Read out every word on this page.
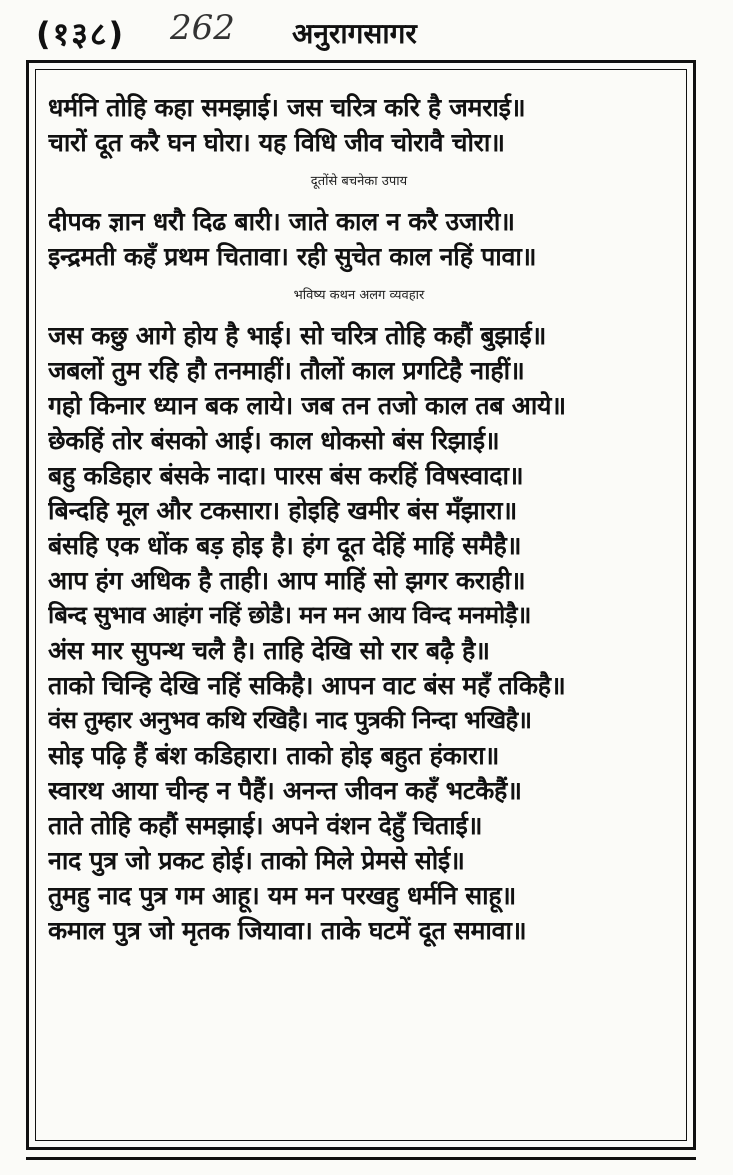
(१३८) 262 अनुरागसागर
धर्मनि तोहि कहा समझाई। जस चरित्र करि है जमराई॥
चारों दूत करै घन घोरा। यह विधि जीव चोरावै चोरा॥
दूतोंसे बचनेका उपाय
दीपक ज्ञान धरौ दिढ बारी। जाते काल न करै उजारी॥
इन्द्रमती कहँ प्रथम चितावा। रही सुचेत काल नहिं पावा॥
भविष्य कथन अलग व्यवहार
जस कछु आगे होय है भाई। सो चरित्र तोहि कहौं बुझाई॥
जबलों तुम रहि हौ तनमाहीं। तौलों काल प्रगटिहै नाहीं॥
गहो किनार ध्यान बक लाये। जब तन तजो काल तब आये॥
छेकहिं तोर बंसको आई। काल धोकसो बंस रिझाई॥
बहु कडिहार बंसके नादा। पारस बंस करहिं विषस्वादा॥
बिन्दहि मूल और टकसारा। होइहि खमीर बंस मँझारा॥
बंसहि एक धोंक बड़ होइ है। हंग दूत देहिं माहिं समैहै॥
आप हंग अधिक है ताही। आप माहिं सो झगर कराही॥
बिन्द सुभाव आहंग नहिं छोडै। मन मन आय विन्द मनमोड़ै॥
अंस मार सुपन्थ चलै है। ताहि देखि सो रार बढ़ै है॥
ताको चिन्हि देखि नहिं सकिहै। आपन वाट बंस महँ तकिहै॥
वंस तुम्हार अनुभव कथि रखिहै। नाद पुत्रकी निन्दा भखिहै॥
सोइ पढ़ि हैं बंश कडिहारा। ताको होइ बहुत हंकारा॥
स्वारथ आया चीन्ह न पैहैं। अनन्त जीवन कहँ भटकैहैं॥
ताते तोहि कहौं समझाई। अपने वंशन देहुँ चिताई॥
नाद पुत्र जो प्रकट होई। ताको मिले प्रेमसे सोई॥
तुमहु नाद पुत्र गम आहू। यम मन परखहु धर्मनि साहू॥
कमाल पुत्र जो मृतक जियावा। ताके घटमें दूत समावा॥
